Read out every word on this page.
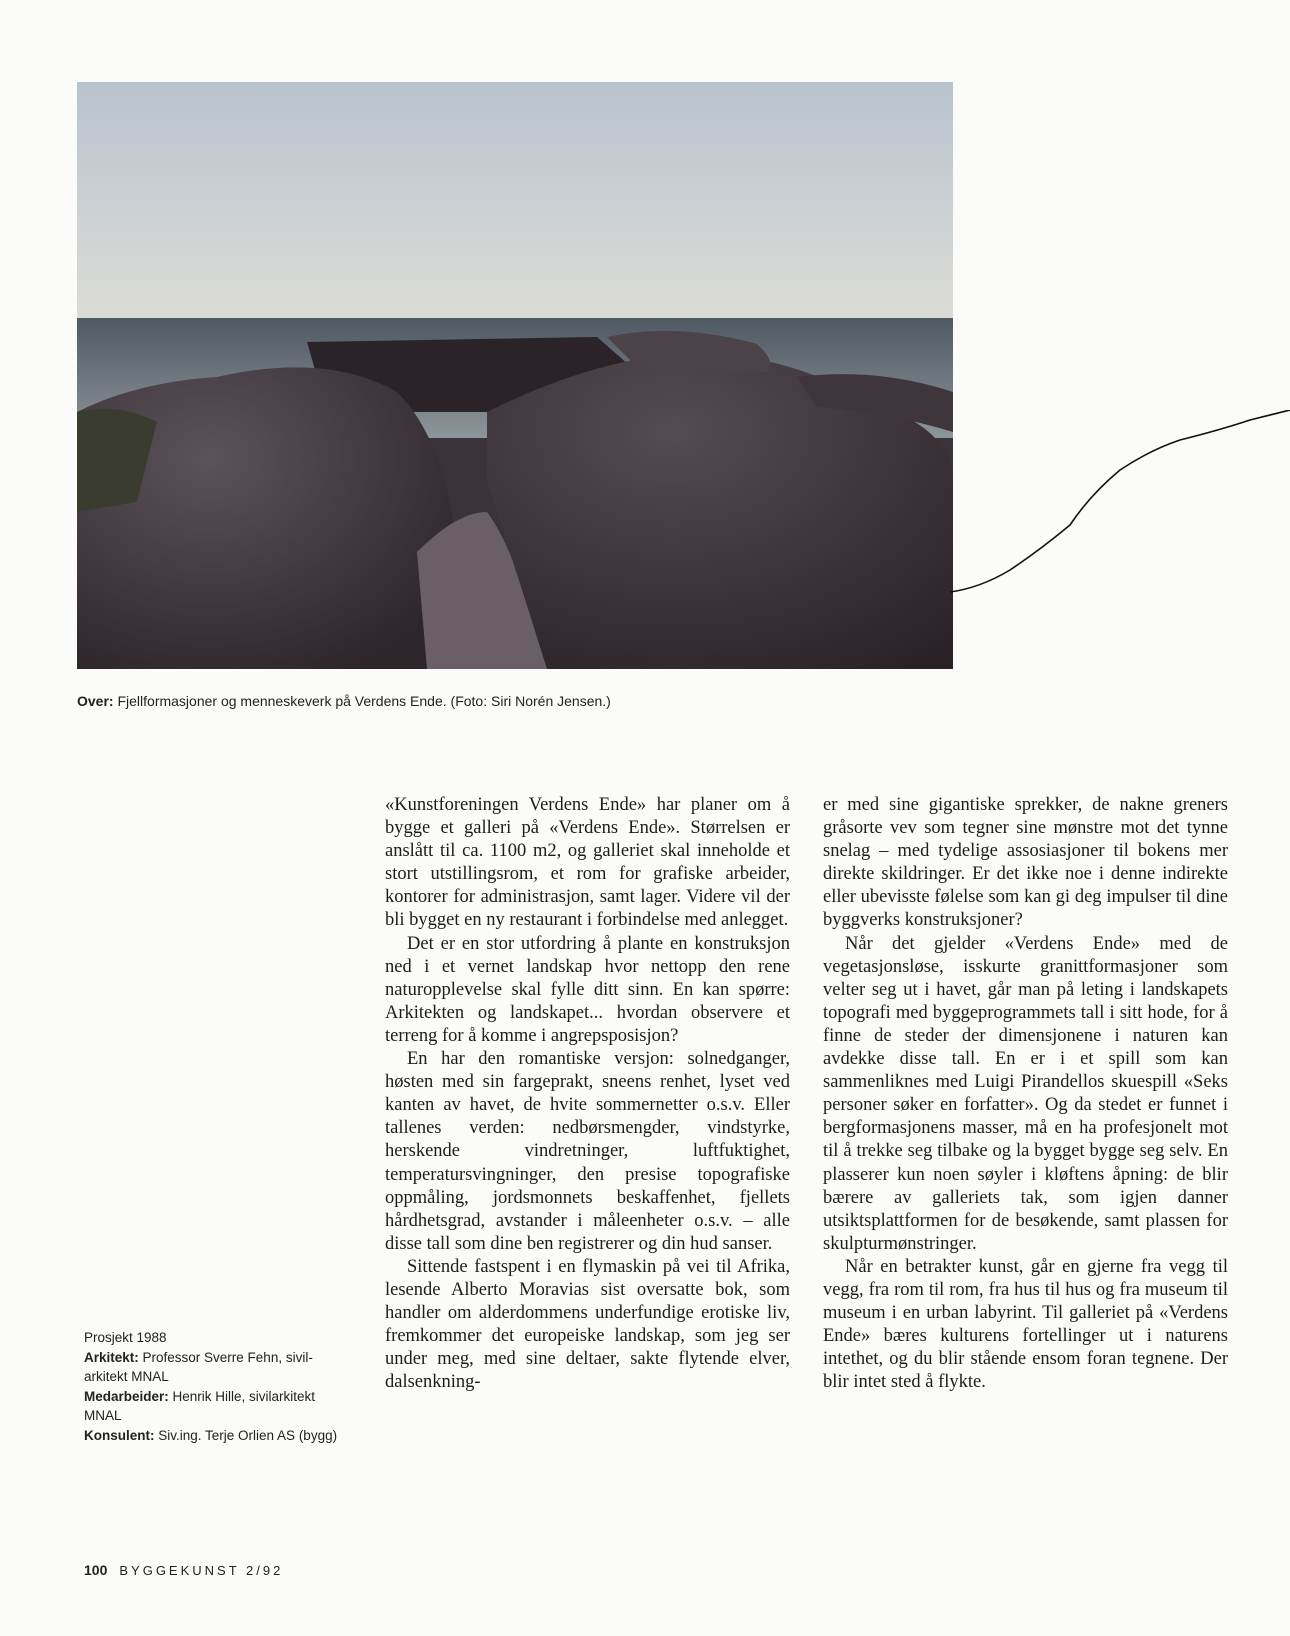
Over: Fjellformasjoner og menneskeverk på Verdens Ende. (Foto: Siri Norén Jensen.)
Prosjekt 1988
Arkitekt: Professor Sverre Fehn, sivil-arkitekt MNAL
Medarbeider: Henrik Hille, sivilarkitekt MNAL
Konsulent: Siv.ing. Terje Orlien AS (bygg)

«Kunstforeningen Verdens Ende» har planer om å bygge et galleri på «Verdens Ende». Størrelsen er anslått til ca. 1100 m2, og galleriet skal inneholde et stort utstillingsrom, et rom for grafiske arbeider, kontorer for administrasjon, samt lager. Videre vil der bli bygget en ny restaurant i forbindelse med anlegget.

Det er en stor utfordring å plante en konstruksjon ned i et vernet landskap hvor nettopp den rene naturopplevelse skal fylle ditt sinn. En kan spørre: Arkitekten og landskapet... hvordan observere et terreng for å komme i angrepsposisjon?

En har den romantiske versjon: solnedganger, høsten med sin fargeprakt, sneens renhet, lyset ved kanten av havet, de hvite sommernetter o.s.v. Eller tallenes verden: nedbørsmengder, vindstyrke, herskende vindretninger, luftfuktighet, temperatursvingninger, den presise topografiske oppmåling, jordsmonnets beskaffenhet, fjellets hårdhetsgrad, avstander i måleenheter o.s.v. – alle disse tall som dine ben registrerer og din hud sanser.

Sittende fastspent i en flymaskin på vei til Afrika, lesende Alberto Moravias sist oversatte bok, som handler om alderdommens underfundige erotiske liv, fremkommer det europeiske landskap, som jeg ser under meg, med sine deltaer, sakte flytende elver, dalsenkning-

er med sine gigantiske sprekker, de nakne greners gråsorte vev som tegner sine mønstre mot det tynne snelag – med tydelige assosiasjoner til bokens mer direkte skildringer. Er det ikke noe i denne indirekte eller ubevisste følelse som kan gi deg impulser til dine byggverks konstruksjoner?

Når det gjelder «Verdens Ende» med de vegetasjonsløse, isskurte granittformasjoner som velter seg ut i havet, går man på leting i landskapets topografi med byggeprogrammets tall i sitt hode, for å finne de steder der dimensjonene i naturen kan avdekke disse tall. En er i et spill som kan sammenliknes med Luigi Pirandellos skuespill «Seks personer søker en forfatter». Og da stedet er funnet i bergformasjonens masser, må en ha profesjonelt mot til å trekke seg tilbake og la bygget bygge seg selv. En plasserer kun noen søyler i kløftens åpning: de blir bærere av galleriets tak, som igjen danner utsiktsplattformen for de besøkende, samt plassen for skulpturmønstringer.

Når en betrakter kunst, går en gjerne fra vegg til vegg, fra rom til rom, fra hus til hus og fra museum til museum i en urban labyrint. Til galleriet på «Verdens Ende» bæres kulturens fortellinger ut i naturens intethet, og du blir stående ensom foran tegnene. Der blir intet sted å flykte.

100 BYGGEKUNST 2/92
